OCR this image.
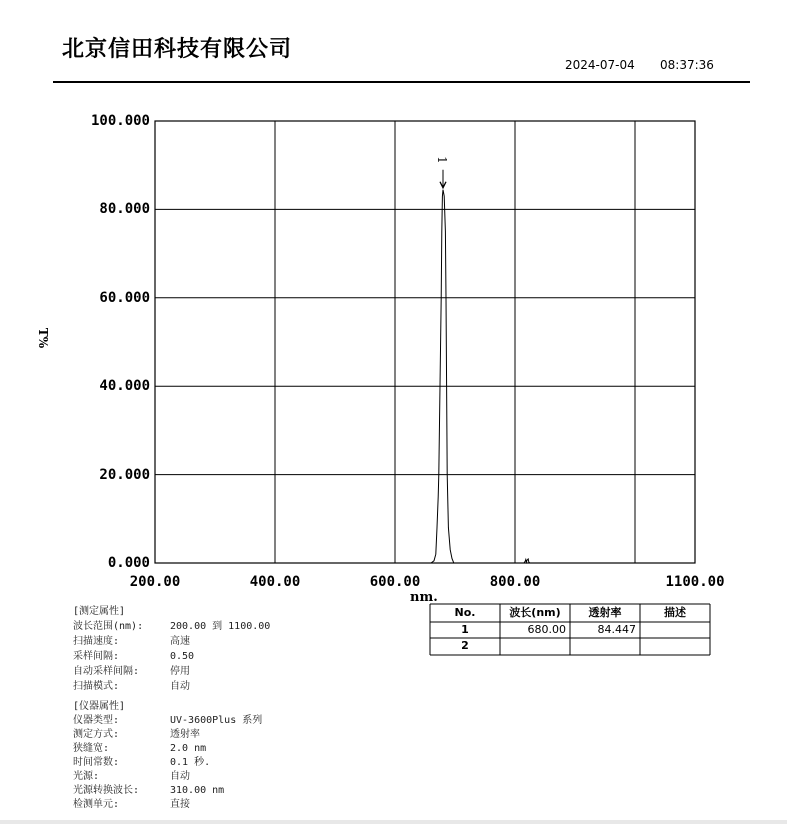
北京信田科技有限公司
2024-07-04 08:37:36
nm.
No.	波长(nm)	透射率	描述
1	680.00	84.447
2
[测定属性]
波长范围(nm):	200.00 到 1100.00
扫描速度:	高速
采样间隔:	0.50
自动采样间隔:	停用
扫描模式:	自动
[仪器属性]
仪器类型:	UV-3600Plus 系列
测定方式:	透射率
狭缝宽:	2.0 nm
时间常数:	0.1 秒.
光源:	自动
光源转换波长:	310.00 nm
检测单元:	直接
0.000
20.000
40.000
60.000
80.000
100.000
200.00	400.00	600.00	800.00	1100.00
T%
1
